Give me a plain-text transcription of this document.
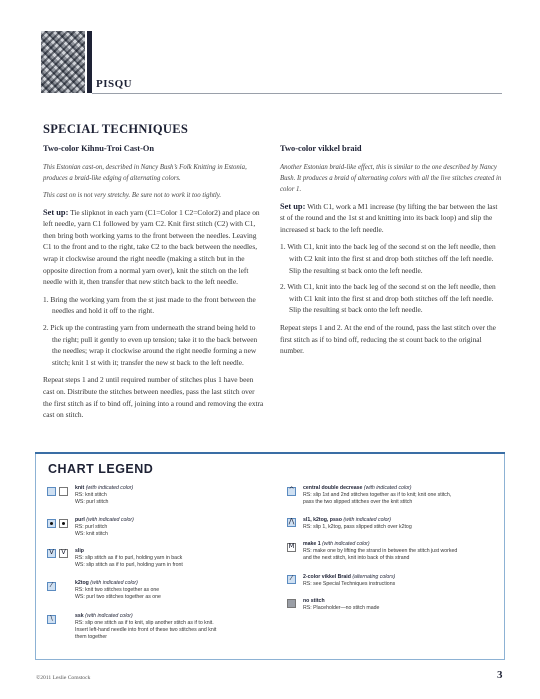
PISQU
SPECIAL TECHNIQUES
Two-color Kihnu-Troi Cast-On

This Estonian cast-on, described in Nancy Bush’s Folk Knitting in Estonia, produces a braid-like edging of alternating colors.

This cast on is not very stretchy. Be sure not to work it too tightly.

Set up: Tie slipknot in each yarn (C1=Color 1 C2=Color2) and place on left needle, yarn C1 followed by yarn C2. Knit first stitch (C2) with C1, then bring both working yarns to the front between the needles. Leaving C1 to the front and to the right, take C2 to the back between the needles, wrap it clockwise around the right needle (making a stitch but in the opposite direction from a normal yarn over), knit the stitch on the left needle with it, then transfer that new stitch back to the left needle.

1. Bring the working yarn from the st just made to the front between the needles and hold it off to the right.
2. Pick up the contrasting yarn from underneath the strand being held to the right; pull it gently to even up tension; take it to the back between the needles; wrap it clockwise around the right needle forming a new stitch; knit 1 st with it; transfer the new st back to the left needle.

Repeat steps 1 and 2 until required number of stitches plus 1 have been cast on. Distribute the stitches between needles, pass the last stitch over the first stitch as if to bind off, joining into a round and removing the extra cast on stitch.

Two-color vikkel braid

Another Estonian braid-like effect, this is similar to the one described by Nancy Bush. It produces a braid of alternating colors with all the live stitches created in color 1.

Set up: With C1, work a M1 increase (by lifting the bar between the last st of the round and the 1st st and knitting into its back loop) and slip the increased st back to the left needle.

1. With C1, knit into the back leg of the second st on the left needle, then with C2 knit into the first st and drop both stitches off the left needle. Slip the resulting st back onto the left needle.
2. With C1, knit into the back leg of the second st on the left needle, then with C1 knit into the first st and drop both stitches off the left needle. Slip the resulting st back onto the left needle.

Repeat steps 1 and 2. At the end of the round, pass the last stitch over the first stitch as if to bind off, reducing the st count back to the original number.

CHART LEGEND
knit (with indicated color)
RS: knit stitch
WS: purl stitch
purl (with indicated color)
RS: purl stitch
WS: knit stitch
V V slip
RS: slip stitch as if to purl, holding yarn in back
WS: slip stitch as if to purl, holding yarn in front
⁄	k2tog (with indicated color)
RS: knit two stitches together as one
WS: purl two stitches together as one
\	ssk (with indicated color)
RS: slip one stitch as if to knit, slip another stitch as if to knit.
Insert left-hand needle into front of these two stitches and knit
them together
^ central double decrease (with indicated color)
RS: slip 1st and 2nd stitches together as if to knit; knit one stitch,
pass the two slipped stitches over the knit stitch
⋀ sl1, k2tog, psso (with indicated color)
RS: slip 1, k2tog, pass slipped stitch over k2tog
M make 1 (with indicated color)
RS: make one by lifting the strand in between the stitch just worked
and the next stitch, knit into back of this strand
⁄	2-color vikkel Braid (alternating colors)
RS: see Special Techniques instructions
no stitch
RS: Placeholder—no stitch made
©2011 Leslie Comstock	3
